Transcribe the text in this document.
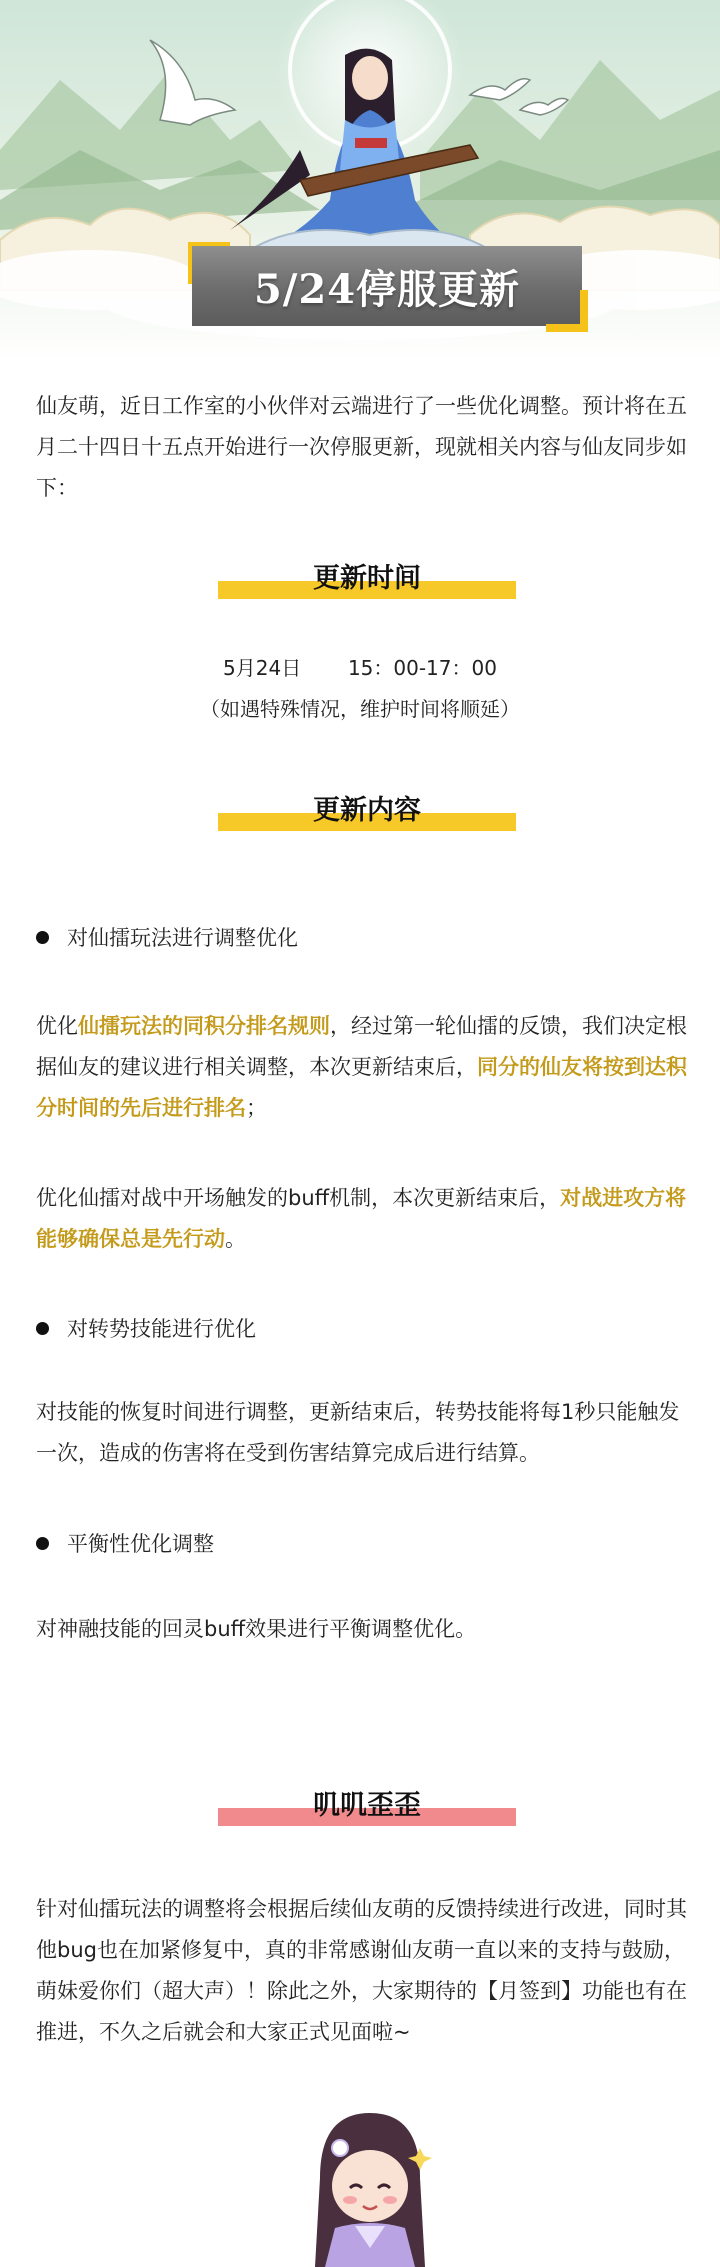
5/24停服更新
仙友萌，近日工作室的小伙伴对云端进行了一些优化调整。预计将在五月二十四日十五点开始进行一次停服更新，现就相关内容与仙友同步如下：
更新时间
5月24日 15：00-17：00
（如遇特殊情况，维护时间将顺延）
更新内容
对仙擂玩法进行调整优化
优化仙擂玩法的同积分排名规则，经过第一轮仙擂的反馈，我们决定根据仙友的建议进行相关调整，本次更新结束后，同分的仙友将按到达积分时间的先后进行排名；
优化仙擂对战中开场触发的buff机制，本次更新结束后，对战进攻方将能够确保总是先行动。
对转势技能进行优化
对技能的恢复时间进行调整，更新结束后，转势技能将每1秒只能触发一次，造成的伤害将在受到伤害结算完成后进行结算。
平衡性优化调整
对神融技能的回灵buff效果进行平衡调整优化。
叽叽歪歪
针对仙擂玩法的调整将会根据后续仙友萌的反馈持续进行改进，同时其他bug也在加紧修复中，真的非常感谢仙友萌一直以来的支持与鼓励，萌妹爱你们（超大声）！除此之外，大家期待的【月签到】功能也有在推进，不久之后就会和大家正式见面啦~
